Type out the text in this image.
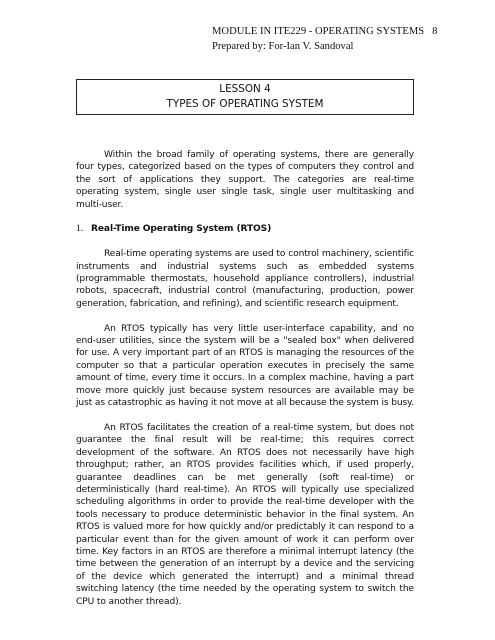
MODULE IN ITE229 - OPERATING SYSTEMS 8
Prepared by: For-Ian V. Sandoval
LESSON 4
TYPES OF OPERATING SYSTEM

Within the broad family of operating systems, there are generally four types, categorized based on the types of computers they control and the sort of applications they support. The categories are real-time operating system, single user single task, single user multitasking and multi-user.

1. Real-Time Operating System (RTOS)

Real-time operating systems are used to control machinery, scientific instruments and industrial systems such as embedded systems (programmable thermostats, household appliance controllers), industrial robots, spacecraft, industrial control (manufacturing, production, power generation, fabrication, and refining), and scientific research equipment.

An RTOS typically has very little user-interface capability, and no end-user utilities, since the system will be a "sealed box" when delivered for use. A very important part of an RTOS is managing the resources of the computer so that a particular operation executes in precisely the same amount of time, every time it occurs. In a complex machine, having a part move more quickly just because system resources are available may be just as catastrophic as having it not move at all because the system is busy.

An RTOS facilitates the creation of a real-time system, but does not guarantee the final result will be real-time; this requires correct development of the software. An RTOS does not necessarily have high throughput; rather, an RTOS provides facilities which, if used properly, guarantee deadlines can be met generally (soft real-time) or deterministically (hard real-time). An RTOS will typically use specialized scheduling algorithms in order to provide the real-time developer with the tools necessary to produce deterministic behavior in the final system. An RTOS is valued more for how quickly and/or predictably it can respond to a particular event than for the given amount of work it can perform over time. Key factors in an RTOS are therefore a minimal interrupt latency (the time between the generation of an interrupt by a device and the servicing of the device which generated the interrupt) and a minimal thread switching latency (the time needed by the operating system to switch the CPU to another thread).
